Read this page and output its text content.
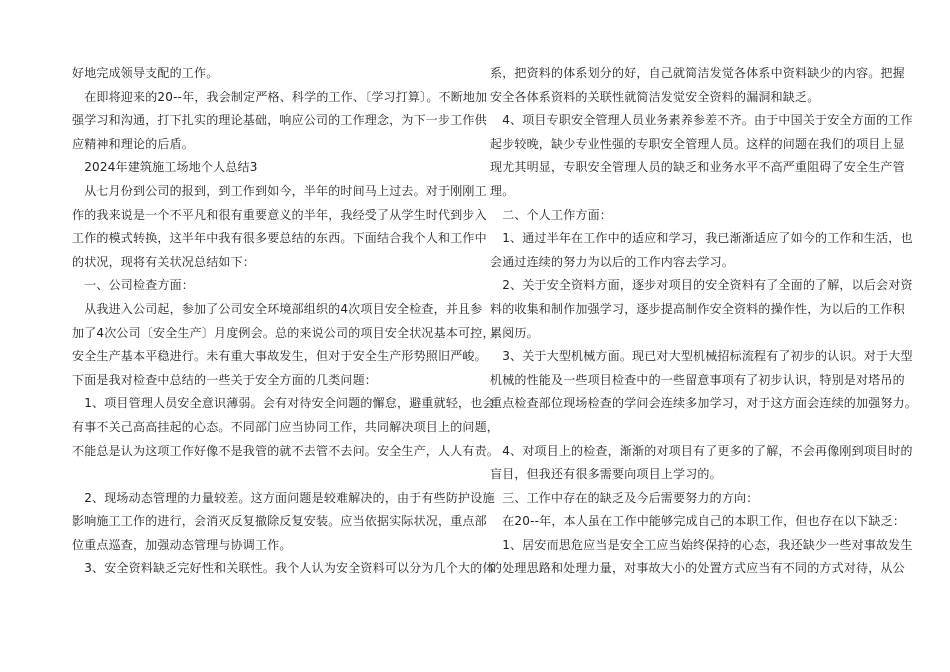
好地完成领导支配的工作。
　在即将迎来的20--年，我会制定严格、科学的工作、〔学习打算〕。不断地加
强学习和沟通，打下扎实的理论基础，响应公司的工作理念，为下一步工作供
应精神和理论的后盾。
　2024年建筑施工场地个人总结3
　从七月份到公司的报到，到工作到如今，半年的时间马上过去。对于刚刚工
作的我来说是一个不平凡和很有重要意义的半年，我经受了从学生时代到步入
工作的模式转换，这半年中我有很多要总结的东西。下面结合我个人和工作中
的状况，现将有关状况总结如下：
　一、公司检查方面：
　从我进入公司起，参加了公司安全环境部组织的4次项目安全检查，并且参
加了4次公司〔安全生产〕月度例会。总的来说公司的项目安全状况基本可控，
安全生产基本平稳进行。未有重大事故发生，但对于安全生产形势照旧严峻。
下面是我对检查中总结的一些关于安全方面的几类问题：
　1、项目管理人员安全意识薄弱。会有对待安全问题的懈怠，避重就轻，也会
有事不关己高高挂起的心态。不同部门应当协同工作，共同解决项目上的问题，
不能总是认为这项工作好像不是我管的就不去管不去问。安全生产，人人有责。
　2、现场动态管理的力量较差。这方面问题是较难解决的，由于有些防护设施
影响施工工作的进行，会消灭反复撤除反复安装。应当依据实际状况，重点部
位重点巡查，加强动态管理与协调工作。
　3、安全资料缺乏完好性和关联性。我个人认为安全资料可以分为几个大的体
系，把资料的体系划分的好，自己就简洁发觉各体系中资料缺少的内容。把握
安全各体系资料的关联性就简洁发觉安全资料的漏洞和缺乏。
　4、项目专职安全管理人员业务素养参差不齐。由于中国关于安全方面的工作
起步较晚，缺少专业性强的专职安全管理人员。这样的问题在我们的项目上显
现尤其明显，专职安全管理人员的缺乏和业务水平不高严重阻碍了安全生产管
理。
　二、个人工作方面：
　1、通过半年在工作中的适应和学习，我已渐渐适应了如今的工作和生活，也
会通过连续的努力为以后的工作内容去学习。
　2、关于安全资料方面，逐步对项目的安全资料有了全面的了解，以后会对资
料的收集和制作加强学习，逐步提高制作安全资料的操作性，为以后的工作积
累阅历。
　3、关于大型机械方面。现已对大型机械招标流程有了初步的认识。对于大型
机械的性能及一些项目检查中的一些留意事项有了初步认识，特别是对塔吊的
重点检查部位现场检查的学问会连续多加学习，对于这方面会连续的加强努力。
　4、对项目上的检查，渐渐的对项目有了更多的了解，不会再像刚到项目时的
盲目，但我还有很多需要向项目上学习的。
　三、工作中存在的缺乏及今后需要努力的方向：
　在20--年，本人虽在工作中能够完成自己的本职工作，但也存在以下缺乏：
　1、居安而思危应当是安全工应当始终保持的心态，我还缺少一些对事故发生
的处理思路和处理力量，对事故大小的处置方式应当有不同的方式对待，从公
